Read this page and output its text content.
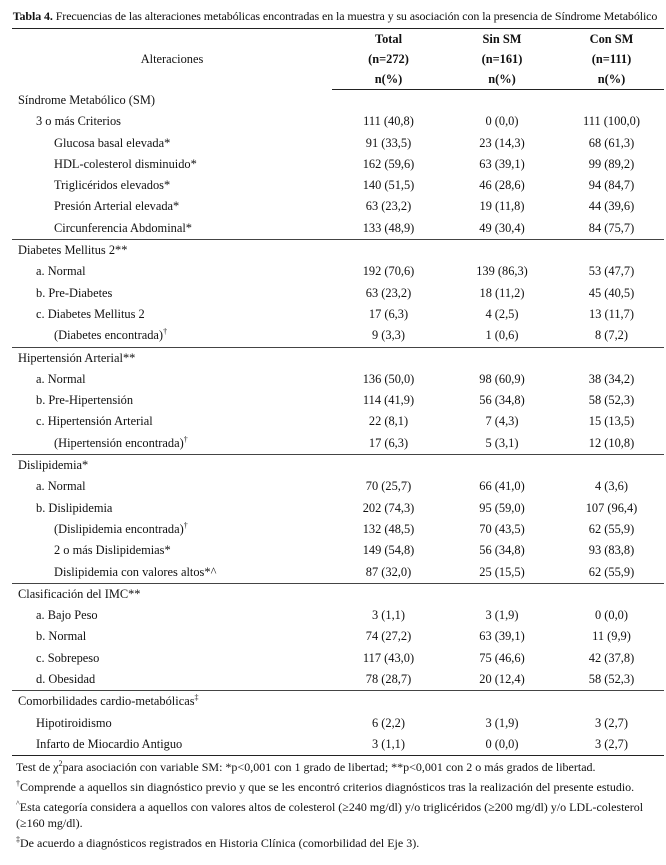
Tabla 4. Frecuencias de las alteraciones metabólicas encontradas en la muestra y su asociación con la presencia de Síndrome Metabólico
Alteraciones	Total	Sin SM	Con SM
	(n=272)	(n=161)	(n=111)
	n(%)	n(%)	n(%)
Síndrome Metabólico (SM)			
3 o más Criterios	111 (40,8)	0 (0,0)	111 (100,0)
Glucosa basal elevada*	91 (33,5)	23 (14,3)	68 (61,3)
HDL-colesterol disminuido*	162 (59,6)	63 (39,1)	99 (89,2)
Triglicéridos elevados*	140 (51,5)	46 (28,6)	94 (84,7)
Presión Arterial elevada*	63 (23,2)	19 (11,8)	44 (39,6)
Circunferencia Abdominal*	133 (48,9)	49 (30,4)	84 (75,7)
Diabetes Mellitus 2**			
a. Normal	192 (70,6)	139 (86,3)	53 (47,7)
b. Pre-Diabetes	63 (23,2)	18 (11,2)	45 (40,5)
c. Diabetes Mellitus 2	17 (6,3)	4 (2,5)	13 (11,7)
(Diabetes encontrada)†	9 (3,3)	1 (0,6)	8 (7,2)
Hipertensión Arterial**			
a. Normal	136 (50,0)	98 (60,9)	38 (34,2)
b. Pre-Hipertensión	114 (41,9)	56 (34,8)	58 (52,3)
c. Hipertensión Arterial	22 (8,1)	7 (4,3)	15 (13,5)
(Hipertensión encontrada)†	17 (6,3)	5 (3,1)	12 (10,8)
Dislipidemia*			
a. Normal	70 (25,7)	66 (41,0)	4 (3,6)
b. Dislipidemia	202 (74,3)	95 (59,0)	107 (96,4)
(Dislipidemia encontrada)†	132 (48,5)	70 (43,5)	62 (55,9)
2 o más Dislipidemias*	149 (54,8)	56 (34,8)	93 (83,8)
Dislipidemia con valores altos*^	87 (32,0)	25 (15,5)	62 (55,9)
Clasificación del IMC**			
a. Bajo Peso	3 (1,1)	3 (1,9)	0 (0,0)
b. Normal	74 (27,2)	63 (39,1)	11 (9,9)
c. Sobrepeso	117 (43,0)	75 (46,6)	42 (37,8)
d. Obesidad	78 (28,7)	20 (12,4)	58 (52,3)
Comorbilidades cardio-metabólicas‡			
Hipotiroidismo	6 (2,2)	3 (1,9)	3 (2,7)
Infarto de Miocardio Antiguo	3 (1,1)	0 (0,0)	3 (2,7)

Test de $\chi^2para$ asociación con variable SM: *p<0,001 con 1 grado de libertad; **p<0,001 con 2 o más grados de libertad.

†Comprende a aquellos sin diagnóstico previo y que se les encontró criterios diagnósticos tras la realización del presente estudio.

^Esta categoría considera a aquellos con valores altos de colesterol (≥240 mg/dl) y/o triglicéridos (≥200 mg/dl) y/o LDL-colesterol (≥160 mg/dl).

‡De acuerdo a diagnósticos registrados en Historia Clínica (comorbilidad del Eje 3).
